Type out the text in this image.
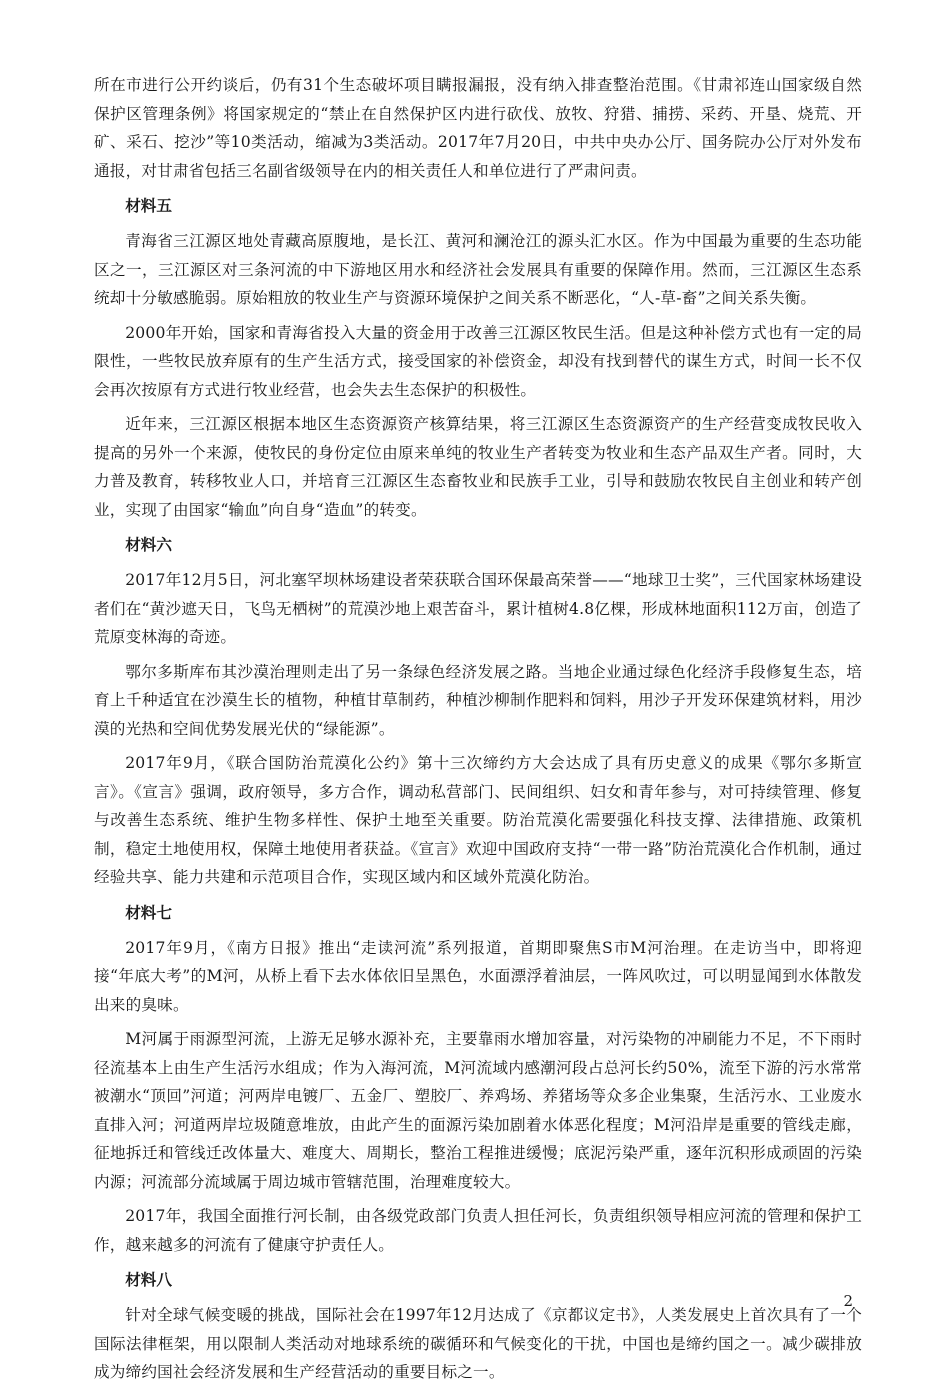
所在市进行公开约谈后，仍有31个生态破坏项目瞒报漏报，没有纳入排查整治范围。《甘肃祁连山国家级自然保护区管理条例》将国家规定的“禁止在自然保护区内进行砍伐、放牧、狩猎、捕捞、采药、开垦、烧荒、开矿、采石、挖沙”等10类活动，缩减为3类活动。2017年7月20日，中共中央办公厅、国务院办公厅对外发布通报，对甘肃省包括三名副省级领导在内的相关责任人和单位进行了严肃问责。

材料五

青海省三江源区地处青藏高原腹地，是长江、黄河和澜沧江的源头汇水区。作为中国最为重要的生态功能区之一，三江源区对三条河流的中下游地区用水和经济社会发展具有重要的保障作用。然而，三江源区生态系统却十分敏感脆弱。原始粗放的牧业生产与资源环境保护之间关系不断恶化，“人-草-畜”之间关系失衡。

2000年开始，国家和青海省投入大量的资金用于改善三江源区牧民生活。但是这种补偿方式也有一定的局限性，一些牧民放弃原有的生产生活方式，接受国家的补偿资金，却没有找到替代的谋生方式，时间一长不仅会再次按原有方式进行牧业经营，也会失去生态保护的积极性。

近年来，三江源区根据本地区生态资源资产核算结果，将三江源区生态资源资产的生产经营变成牧民收入提高的另外一个来源，使牧民的身份定位由原来单纯的牧业生产者转变为牧业和生态产品双生产者。同时，大力普及教育，转移牧业人口，并培育三江源区生态畜牧业和民族手工业，引导和鼓励农牧民自主创业和转产创业，实现了由国家“输血”向自身“造血”的转变。

材料六

2017年12月5日，河北塞罕坝林场建设者荣获联合国环保最高荣誉——“地球卫士奖”，三代国家林场建设者们在“黄沙遮天日，飞鸟无栖树”的荒漠沙地上艰苦奋斗，累计植树4.8亿棵，形成林地面积112万亩，创造了荒原变林海的奇迹。

鄂尔多斯库布其沙漠治理则走出了另一条绿色经济发展之路。当地企业通过绿色化经济手段修复生态，培育上千种适宜在沙漠生长的植物，种植甘草制药，种植沙柳制作肥料和饲料，用沙子开发环保建筑材料，用沙漠的光热和空间优势发展光伏的“绿能源”。

2017年9月，《联合国防治荒漠化公约》第十三次缔约方大会达成了具有历史意义的成果《鄂尔多斯宣言》。《宣言》强调，政府领导，多方合作，调动私营部门、民间组织、妇女和青年参与，对可持续管理、修复与改善生态系统、维护生物多样性、保护土地至关重要。防治荒漠化需要强化科技支撑、法律措施、政策机制，稳定土地使用权，保障土地使用者获益。《宣言》欢迎中国政府支持“一带一路”防治荒漠化合作机制，通过经验共享、能力共建和示范项目合作，实现区域内和区域外荒漠化防治。

材料七

2017年9月，《南方日报》推出“走读河流”系列报道，首期即聚焦S市M河治理。在走访当中，即将迎接“年底大考”的M河，从桥上看下去水体依旧呈黑色，水面漂浮着油层，一阵风吹过，可以明显闻到水体散发出来的臭味。

M河属于雨源型河流，上游无足够水源补充，主要靠雨水增加容量，对污染物的冲刷能力不足，不下雨时径流基本上由生产生活污水组成；作为入海河流，M河流域内感潮河段占总河长约50%，流至下游的污水常常被潮水“顶回”河道；河两岸电镀厂、五金厂、塑胶厂、养鸡场、养猪场等众多企业集聚，生活污水、工业废水直排入河；河道两岸垃圾随意堆放，由此产生的面源污染加剧着水体恶化程度；M河沿岸是重要的管线走廊，征地拆迁和管线迁改体量大、难度大、周期长，整治工程推进缓慢；底泥污染严重，逐年沉积形成顽固的污染内源；河流部分流域属于周边城市管辖范围，治理难度较大。

2017年，我国全面推行河长制，由各级党政部门负责人担任河长，负责组织领导相应河流的管理和保护工作，越来越多的河流有了健康守护责任人。

材料八

针对全球气候变暖的挑战，国际社会在1997年12月达成了《京都议定书》，人类发展史上首次具有了一个国际法律框架，用以限制人类活动对地球系统的碳循环和气候变化的干扰，中国也是缔约国之一。减少碳排放成为缔约国社会经济发展和生产经营活动的重要目标之一。

2
